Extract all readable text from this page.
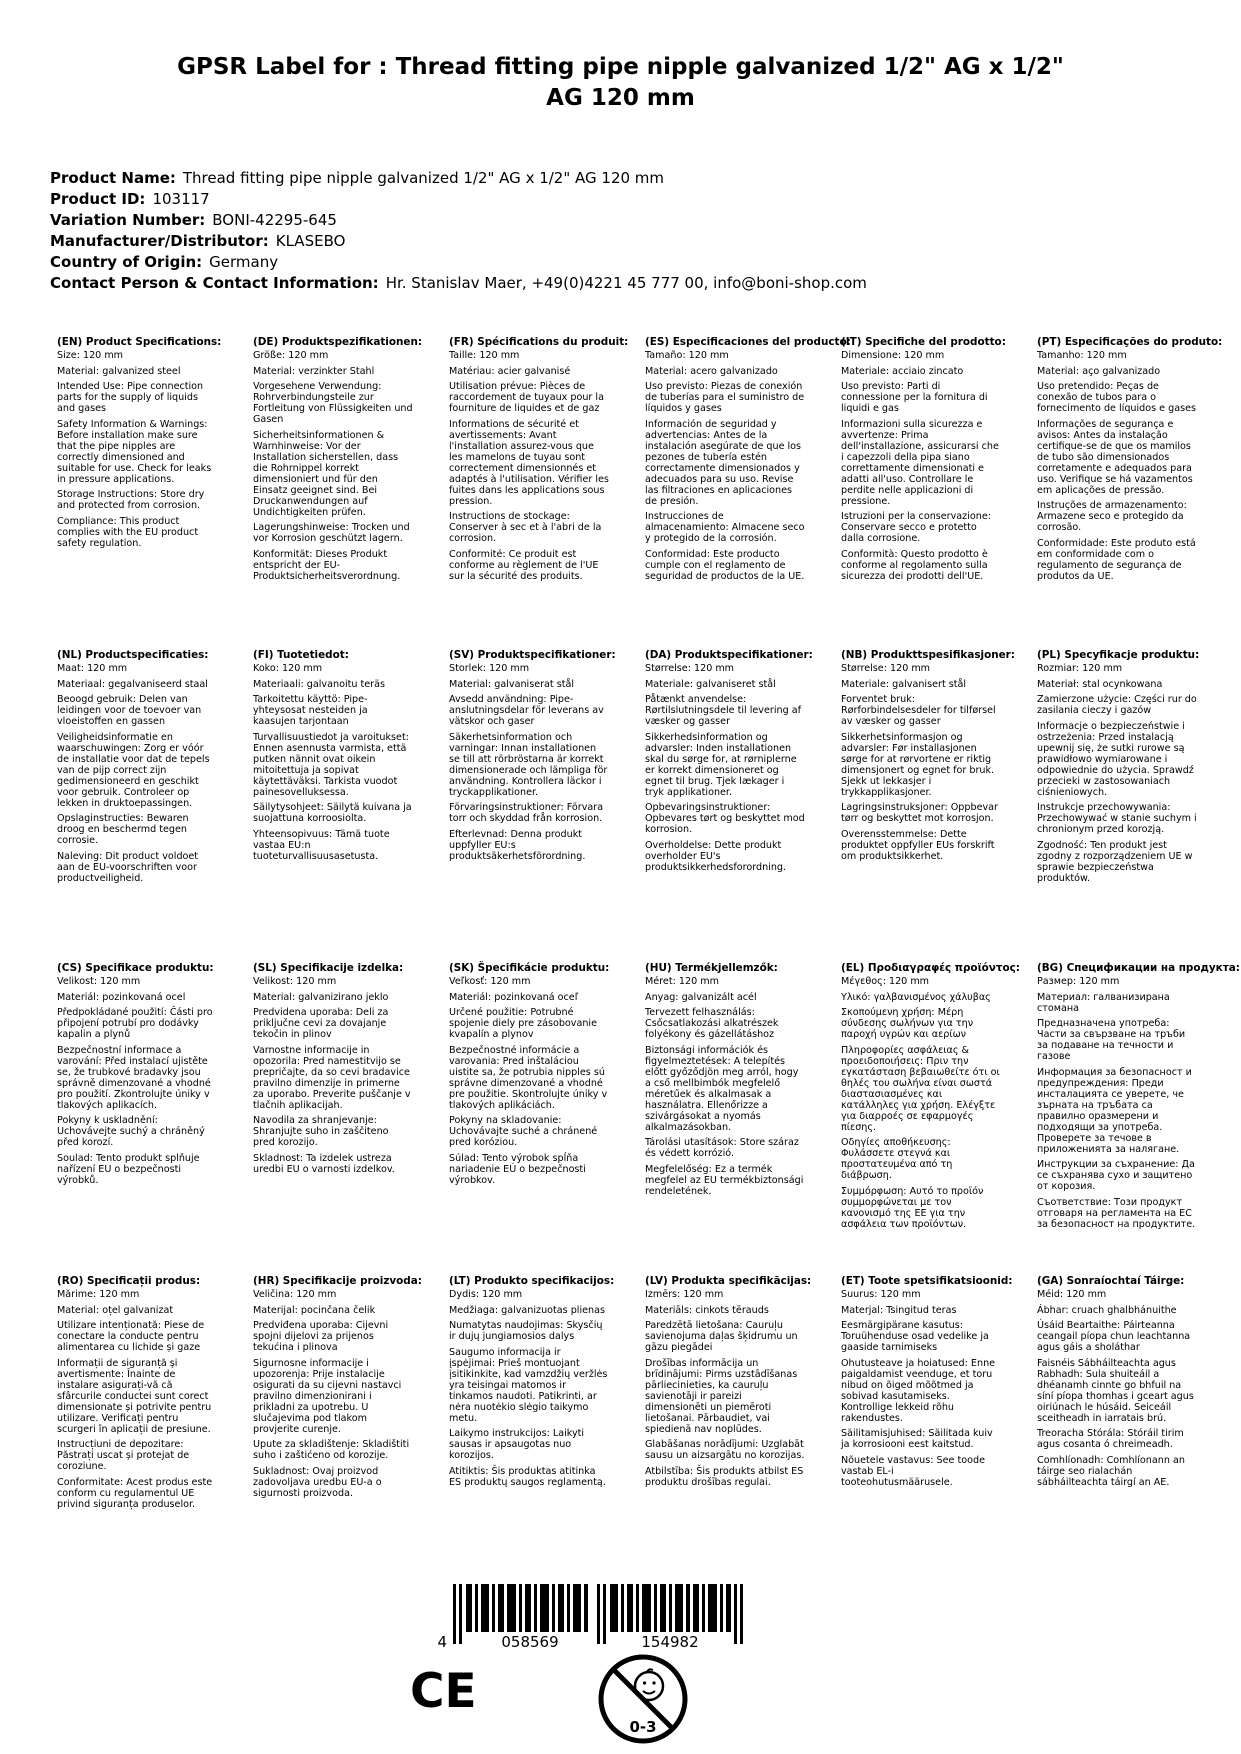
GPSR Label for : Thread fitting pipe nipple galvanized 1/2" AG x 1/2" AG 120 mm
Product Name: Thread fitting pipe nipple galvanized 1/2" AG x 1/2" AG 120 mm
Product ID: 103117
Variation Number: BONI-42295-645
Manufacturer/Distributor: KLASEBO
Country of Origin: Germany
Contact Person & Contact Information: Hr. Stanislav Maer, +49(0)4221 45 777 00, info@boni-shop.com
(EN) Product Specifications:

Size: 120 mm

Material: galvanized steel

Intended Use: Pipe connection parts for the supply of liquids and gases

Safety Information & Warnings: Before installation make sure that the pipe nipples are correctly dimensioned and suitable for use. Check for leaks in pressure applications.

Storage Instructions: Store dry and protected from corrosion.

Compliance: This product complies with the EU product safety regulation.

(DE) Produktspezifikationen:

Größe: 120 mm

Material: verzinkter Stahl

Vorgesehene Verwendung: Rohrverbindungsteile zur Fortleitung von Flüssigkeiten und Gasen

Sicherheitsinformationen & Warnhinweise: Vor der Installation sicherstellen, dass die Rohrnippel korrekt dimensioniert und für den Einsatz geeignet sind. Bei Druckanwendungen auf Undichtigkeiten prüfen.

Lagerungshinweise: Trocken und vor Korrosion geschützt lagern.

Konformität: Dieses Produkt entspricht der EU-Produktsicherheitsverordnung.

(FR) Spécifications du produit:

Taille: 120 mm

Matériau: acier galvanisé

Utilisation prévue: Pièces de raccordement de tuyaux pour la fourniture de liquides et de gaz

Informations de sécurité et avertissements: Avant l'installation assurez-vous que les mamelons de tuyau sont correctement dimensionnés et adaptés à l'utilisation. Vérifier les fuites dans les applications sous pression.

Instructions de stockage: Conserver à sec et à l'abri de la corrosion.

Conformité: Ce produit est conforme au règlement de l'UE sur la sécurité des produits.

(ES) Especificaciones del producto:

Tamaño: 120 mm

Material: acero galvanizado

Uso previsto: Piezas de conexión de tuberías para el suministro de líquidos y gases

Información de seguridad y advertencias: Antes de la instalación asegúrate de que los pezones de tubería estén correctamente dimensionados y adecuados para su uso. Revise las filtraciones en aplicaciones de presión.

Instrucciones de almacenamiento: Almacene seco y protegido de la corrosión.

Conformidad: Este producto cumple con el reglamento de seguridad de productos de la UE.

(IT) Specifiche del prodotto:

Dimensione: 120 mm

Materiale: acciaio zincato

Uso previsto: Parti di connessione per la fornitura di liquidi e gas

Informazioni sulla sicurezza e avvertenze: Prima dell'installazione, assicurarsi che i capezzoli della pipa siano correttamente dimensionati e adatti all'uso. Controllare le perdite nelle applicazioni di pressione.

Istruzioni per la conservazione: Conservare secco e protetto dalla corrosione.

Conformità: Questo prodotto è conforme al regolamento sulla sicurezza dei prodotti dell'UE.

(PT) Especificações do produto:

Tamanho: 120 mm

Material: aço galvanizado

Uso pretendido: Peças de conexão de tubos para o fornecimento de líquidos e gases

Informações de segurança e avisos: Antes da instalação certifique-se de que os mamilos de tubo são dimensionados corretamente e adequados para uso. Verifique se há vazamentos em aplicações de pressão.

Instruções de armazenamento: Armazene seco e protegido da corrosão.

Conformidade: Este produto está em conformidade com o regulamento de segurança de produtos da UE.

(NL) Productspecificaties:

Maat: 120 mm

Materiaal: gegalvaniseerd staal

Beoogd gebruik: Delen van leidingen voor de toevoer van vloeistoffen en gassen

Veiligheidsinformatie en waarschuwingen: Zorg er vóór de installatie voor dat de tepels van de pijp correct zijn gedimensioneerd en geschikt voor gebruik. Controleer op lekken in druktoepassingen.

Opslaginstructies: Bewaren droog en beschermd tegen corrosie.

Naleving: Dit product voldoet aan de EU-voorschriften voor productveiligheid.

(FI) Tuotetiedot:

Koko: 120 mm

Materiaali: galvanoitu teräs

Tarkoitettu käyttö: Pipe-yhteysosat nesteiden ja kaasujen tarjontaan

Turvallisuustiedot ja varoitukset: Ennen asennusta varmista, että putken nännit ovat oikein mitoitettuja ja sopivat käytettäväksi. Tarkista vuodot painesovelluksessa.

Säilytysohjeet: Säilytä kuivana ja suojattuna korroosiolta.

Yhteensopivuus: Tämä tuote vastaa EU:n tuoteturvallisuusasetusta.

(SV) Produktspecifikationer:

Storlek: 120 mm

Material: galvaniserat stål

Avsedd användning: Pipe-anslutningsdelar för leverans av vätskor och gaser

Säkerhetsinformation och varningar: Innan installationen se till att rörbröstarna är korrekt dimensionerade och lämpliga för användning. Kontrollera läckor i tryckapplikationer.

Förvaringsinstruktioner: Förvara torr och skyddad från korrosion.

Efterlevnad: Denna produkt uppfyller EU:s produktsäkerhetsförordning.

(DA) Produktspecifikationer:

Størrelse: 120 mm

Materiale: galvaniseret stål

Påtænkt anvendelse: Rørtilslutningsdele til levering af væsker og gasser

Sikkerhedsinformation og advarsler: Inden installationen skal du sørge for, at rørniplerne er korrekt dimensioneret og egnet til brug. Tjek lækager i tryk applikationer.

Opbevaringsinstruktioner: Opbevares tørt og beskyttet mod korrosion.

Overholdelse: Dette produkt overholder EU's produktsikkerhedsforordning.

(NB) Produkttspesifikasjoner:

Størrelse: 120 mm

Materiale: galvanisert stål

Forventet bruk: Rørforbindelsesdeler for tilførsel av væsker og gasser

Sikkerhetsinformasjon og advarsler: Før installasjonen sørge for at rørvortene er riktig dimensjonert og egnet for bruk. Sjekk ut lekkasjer i trykkapplikasjoner.

Lagringsinstruksjoner: Oppbevar tørr og beskyttet mot korrosjon.

Overensstemmelse: Dette produktet oppfyller EUs forskrift om produktsikkerhet.

(PL) Specyfikacje produktu:

Rozmiar: 120 mm

Materiał: stal ocynkowana

Zamierzone użycie: Części rur do zasilania cieczy i gazów

Informacje o bezpieczeństwie i ostrzeżenia: Przed instalacją upewnij się, że sutki rurowe są prawidłowo wymiarowane i odpowiednie do użycia. Sprawdź przecieki w zastosowaniach ciśnieniowych.

Instrukcje przechowywania: Przechowywać w stanie suchym i chronionym przed korozją.

Zgodność: Ten produkt jest zgodny z rozporządzeniem UE w sprawie bezpieczeństwa produktów.

(CS) Specifikace produktu:

Velikost: 120 mm

Materiál: pozinkovaná ocel

Předpokládané použití: Části pro připojení potrubí pro dodávky kapalin a plynů

Bezpečnostní informace a varování: Před instalací ujistěte se, že trubkové bradavky jsou správně dimenzované a vhodné pro použití. Zkontrolujte úniky v tlakových aplikacích.

Pokyny k uskladnění: Uchovávejte suchý a chráněný před korozí.

Soulad: Tento produkt splňuje nařízení EU o bezpečnosti výrobků.

(SL) Specifikacije izdelka:

Velikost: 120 mm

Material: galvanizirano jeklo

Predvidena uporaba: Deli za priključne cevi za dovajanje tekočin in plinov

Varnostne informacije in opozorila: Pred namestitvijo se prepričajte, da so cevi bradavice pravilno dimenzije in primerne za uporabo. Preverite puščanje v tlačnih aplikacijah.

Navodila za shranjevanje: Shranjujte suho in zaščiteno pred korozijo.

Skladnost: Ta izdelek ustreza uredbi EU o varnosti izdelkov.

(SK) Špecifikácie produktu:

Veľkosť: 120 mm

Materiál: pozinkovaná oceľ

Určené použitie: Potrubné spojenie diely pre zásobovanie kvapalín a plynov

Bezpečnostné informácie a varovania: Pred inštaláciou uistite sa, že potrubia nipples sú správne dimenzované a vhodné pre použitie. Skontrolujte úniky v tlakových aplikáciách.

Pokyny na skladovanie: Uchovávajte suché a chránené pred koróziou.

Súlad: Tento výrobok spĺňa nariadenie EÚ o bezpečnosti výrobkov.

(HU) Termékjellemzők:

Méret: 120 mm

Anyag: galvanizált acél

Tervezett felhasználás: Csőcsatlakozási alkatrészek folyékony és gázellátáshoz

Biztonsági információk és figyelmeztetések: A telepítés előtt győződjön meg arról, hogy a cső mellbimbók megfelelő méretűek és alkalmasak a használatra. Ellenőrizze a szivárgásokat a nyomás alkalmazásokban.

Tárolási utasítások: Store száraz és védett korrózió.

Megfelelőség: Ez a termék megfelel az EU termékbiztonsági rendeletének.

(EL) Προδιαγραφές προϊόντος:

Μέγεθος: 120 mm

Υλικό: γαλβανισμένος χάλυβας

Σκοπούμενη χρήση: Μέρη σύνδεσης σωλήνων για την παροχή υγρών και αερίων

Πληροφορίες ασφάλειας & προειδοποιήσεις: Πριν την εγκατάσταση βεβαιωθείτε ότι οι θηλές του σωλήνα είναι σωστά διαστασιασμένες και κατάλληλες για χρήση. Ελέγξτε για διαρροές σε εφαρμογές πίεσης.

Οδηγίες αποθήκευσης: Φυλάσσετε στεγνά και προστατευμένα από τη διάβρωση.

Συμμόρφωση: Αυτό το προϊόν συμμορφώνεται με τον κανονισμό της ΕΕ για την ασφάλεια των προϊόντων.

(BG) Спецификации на продукта:

Размер: 120 mm

Материал: галванизирана стомана

Предназначена употреба: Части за свързване на тръби за подаване на течности и газове

Информация за безопасност и предупреждения: Преди инсталацията се уверете, че зърната на тръбата са правилно оразмерени и подходящи за употреба. Проверете за течове в приложенията за налягане.

Инструкции за съхранение: Да се съхранява сухо и защитено от корозия.

Съответствие: Този продукт отговаря на регламента на ЕС за безопасност на продуктите.

(RO) Specificații produs:

Mărime: 120 mm

Material: oțel galvanizat

Utilizare intenționată: Piese de conectare la conducte pentru alimentarea cu lichide și gaze

Informații de siguranță și avertismente: Înainte de instalare asigurați-vă că sfârcurile conductei sunt corect dimensionate și potrivite pentru utilizare. Verificați pentru scurgeri în aplicații de presiune.

Instrucțiuni de depozitare: Păstrați uscat și protejat de coroziune.

Conformitate: Acest produs este conform cu regulamentul UE privind siguranța produselor.

(HR) Specifikacije proizvoda:

Veličina: 120 mm

Materijal: pocinčana čelik

Predviđena uporaba: Cijevni spojni dijelovi za prijenos tekućina i plinova

Sigurnosne informacije i upozorenja: Prije instalacije osigurati da su cijevni nastavci pravilno dimenzionirani i prikladni za upotrebu. U slučajevima pod tlakom provjerite curenje.

Upute za skladištenje: Skladištiti suho i zaštićeno od korozije.

Sukladnost: Ovaj proizvod zadovoljava uredbu EU-a o sigurnosti proizvoda.

(LT) Produkto specifikacijos:

Dydis: 120 mm

Medžiaga: galvanizuotas plienas

Numatytas naudojimas: Skysčių ir dujų jungiamosios dalys

Saugumo informacija ir įspėjimai: Prieš montuojant įsitikinkite, kad vamzdžių veržlės yra teisingai matomos ir tinkamos naudoti. Patikrinti, ar nėra nuotėkio slėgio taikymo metu.

Laikymo instrukcijos: Laikyti sausas ir apsaugotas nuo korozijos.

Atitiktis: Šis produktas atitinka ES produktų saugos reglamentą.

(LV) Produkta specifikācijas:

Izmērs: 120 mm

Materiāls: cinkots tērauds

Paredzētā lietošana: Cauruļu savienojuma daļas šķidrumu un gāzu piegādei

Drošības informācija un brīdinājumi: Pirms uzstādīšanas pārliecinieties, ka cauruļu savienotāji ir pareizi dimensionēti un piemēroti lietošanai. Pārbaudiet, vai spiedienā nav noplūdes.

Glabāšanas norādījumi: Uzglabāt sausu un aizsargātu no korozijas.

Atbilstība: Šis produkts atbilst ES produktu drošības regulai.

(ET) Toote spetsifikatsioonid:

Suurus: 120 mm

Materjal: Tsingitud teras

Eesmärgipärane kasutus: Toruühenduse osad vedelike ja gaaside tarnimiseks

Ohutusteave ja hoiatused: Enne paigaldamist veenduge, et toru nibud on õiged mõõtmed ja sobivad kasutamiseks. Kontrollige lekkeid rõhu rakendustes.

Säilitamisjuhised: Säilitada kuiv ja korrosiooni eest kaitstud.

Nõuetele vastavus: See toode vastab EL-i tooteohutusmäärusele.

(GA) Sonraíochtaí Táirge:

Méid: 120 mm

Ábhar: cruach ghalbhánuithe

Úsáid Beartaithe: Páirteanna ceangail píopa chun leachtanna agus gáis a sholáthar

Faisnéis Sábháilteachta agus Rabhadh: Sula shuiteáil a dhéanamh cinnte go bhfuil na síní píopa thomhas i gceart agus oiriúnach le húsáid. Seiceáil sceitheadh in iarratais brú.

Treoracha Stórála: Stóráil tirim agus cosanta ó chreimeadh.

Comhlíonadh: Comhlíonann an táirge seo rialachán sábháilteachta táirgí an AE.

4	058569	154982
CE
0-3
